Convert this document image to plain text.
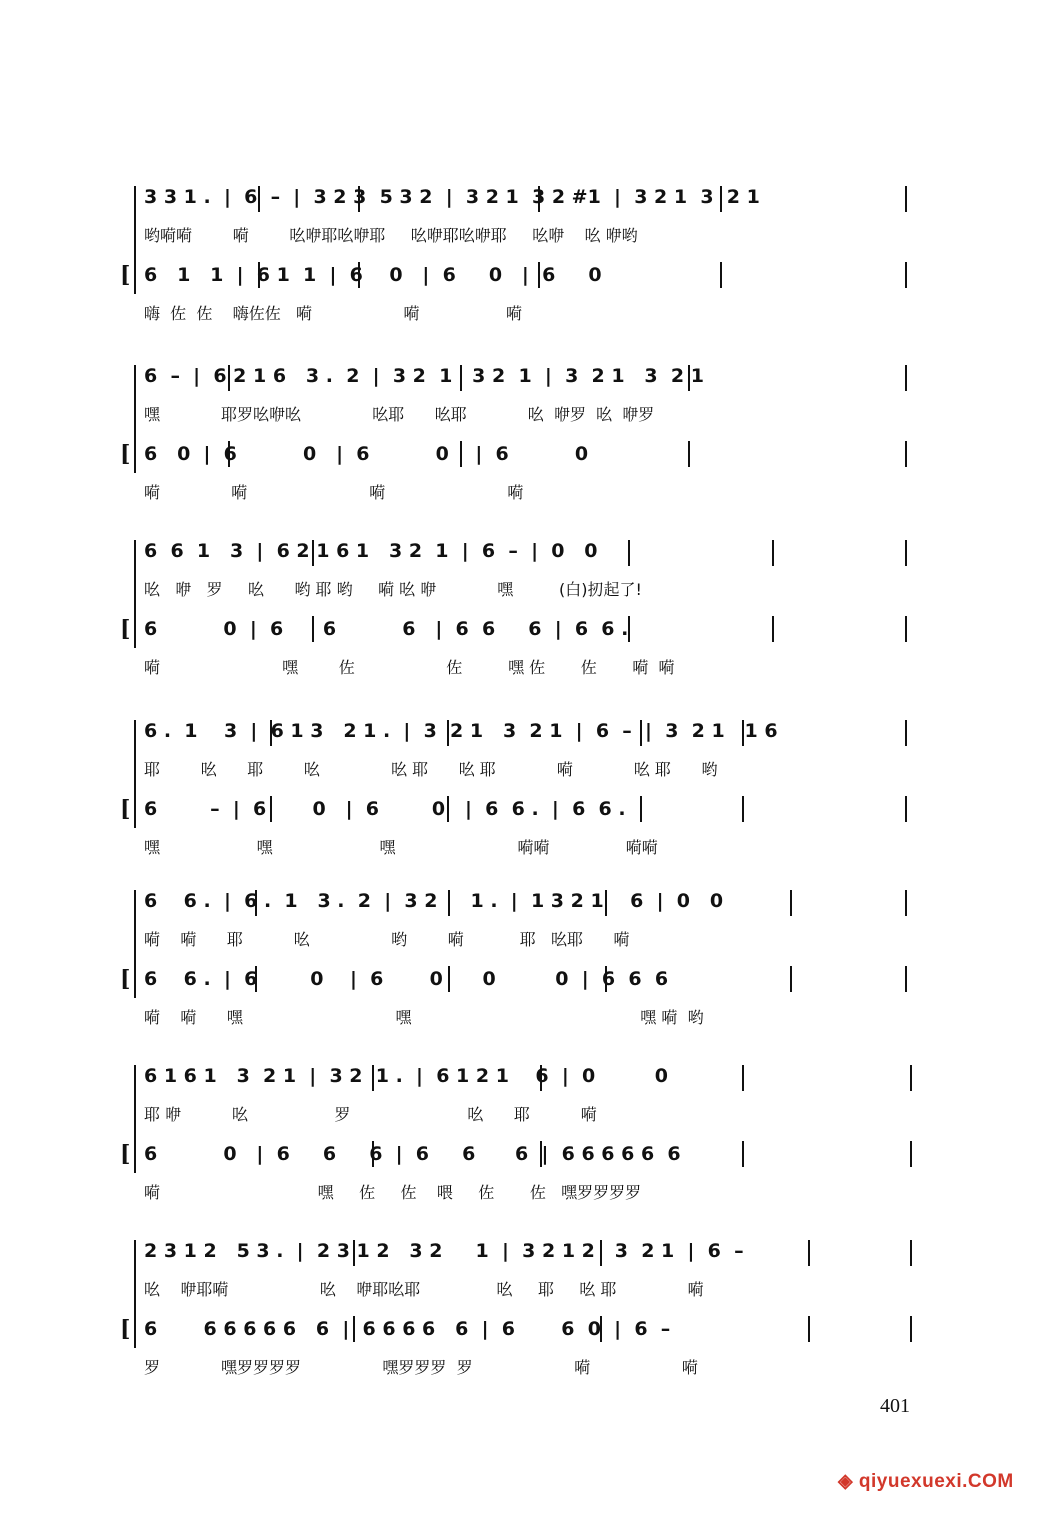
[
3 3 1 .  |  6  –  |  3 2 3  5 3 2  |  3 2 1  3 2 #1  |  3 2 1  3  2 1
哟嗬嗬        嗬        吆咿耶吆咿耶     吆咿耶吆咿耶     吆咿    吆 咿哟
6   1   1  |  6 1  1  |  6    0   |  6     0   |  6     0
嗨  佐  佐    嗨佐佐   嗬                  嗬                 嗬
[
6  –  |  6 2 1 6   3 .  2  |  3 2  1   3 2  1  |  3  2 1   3  2 1
嘿            耶罗吆咿吆              吆耶      吆耶            吆  咿罗  吆  咿罗
6   0  |  6          0   |  6          0    |  6          0
嗬              嗬                        嗬                        嗬
[
6  6  1   3  |  6 2 1 6 1   3 2  1  |  6  –  |  0   0
吆   咿   罗     吆      哟 耶 哟     嗬 吆 咿            嘿         (白)扨起了!
6          0  |  6      6          6   |  6  6     6  |  6  6 .
嗬                        嘿        佐                  佐         嘿 佐       佐       嗬  嗬
[
6 .  1    3  |  6 1 3   2 1 .  |  3  2 1   3  2 1  |  6  –  |  3  2 1   1 6
耶        吆      耶        吆              吆 耶      吆 耶            嗬            吆 耶      哟
6        –  |  6       0   |  6        0   |  6  6 .  |  6  6 .
嘿                   嘿                     嘿                        嗬嗬               嗬嗬
[
6    6 .  |  6 .  1   3 .  2  |  3 2     1 .  |  1 3 2 1    6  |  0   0
嗬    嗬      耶          吆                哟        嗬           耶   吆耶      嗬
6    6 .  |  6        0    |  6       0      0         0  |  6  6  6
嗬    嗬      嘿                              嘿                                             嘿 嗬  哟
[
6 1 6 1   3  2 1  |  3 2  1 .  |  6 1 2 1    6  |  0         0
耶 咿          吆                 罗                       吆      耶          嗬
6          0   |  6     6     6  |  6     6      6  |  6 6 6 6 6  6
嗬                               嘿     佐     佐    喂     佐       佐   嘿罗罗罗罗
[
2 3 1 2   5 3 .  |  2 3 1 2   3 2     1  |  3 2 1 2   3  2 1  |  6  –
吆    咿耶嗬                  吆    咿耶吆耶               吆     耶     吆 耶              嗬
6       6 6 6 6 6   6  |  6 6 6 6   6  |  6       6  0  |  6  –
罗            嘿罗罗罗罗                嘿罗罗罗  罗                    嗬                  嗬
401
◈ qiyuexuexi.COM
